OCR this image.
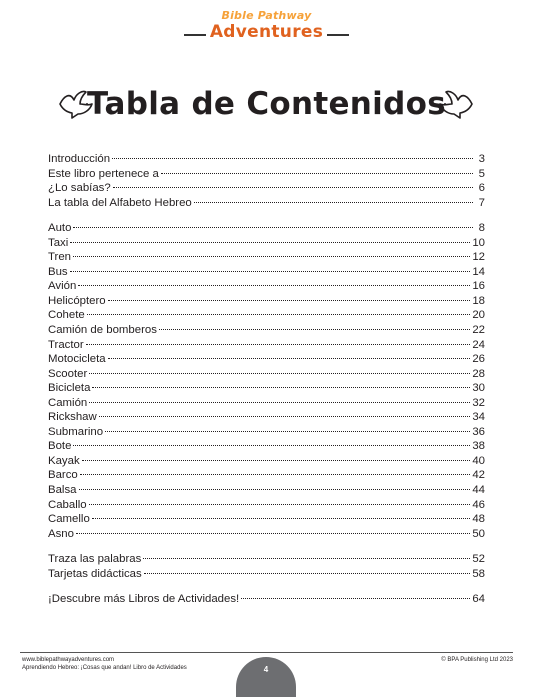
Bible Pathway
Adventures
Tabla de Contenidos
Introducción	3
Este libro pertenece a	5
¿Lo sabías?	6
La tabla del Alfabeto Hebreo	7
Auto	8
Taxi	10
Tren	12
Bus	14
Avión	16
Helicóptero	18
Cohete	20
Camión de bomberos	22
Tractor	24
Motocicleta	26
Scooter	28
Bicicleta	30
Camión	32
Rickshaw	34
Submarino	36
Bote	38
Kayak	40
Barco	42
Balsa	44
Caballo	46
Camello	48
Asno	50
Traza las palabras	52
Tarjetas didácticas	58
¡Descubre más Libros de Actividades!	64
www.biblepathwayadventures.com
Aprendiendo Hebreo: ¡Cosas que andan! Libro de Actividades
© BPA Publishing Ltd 2023
4
